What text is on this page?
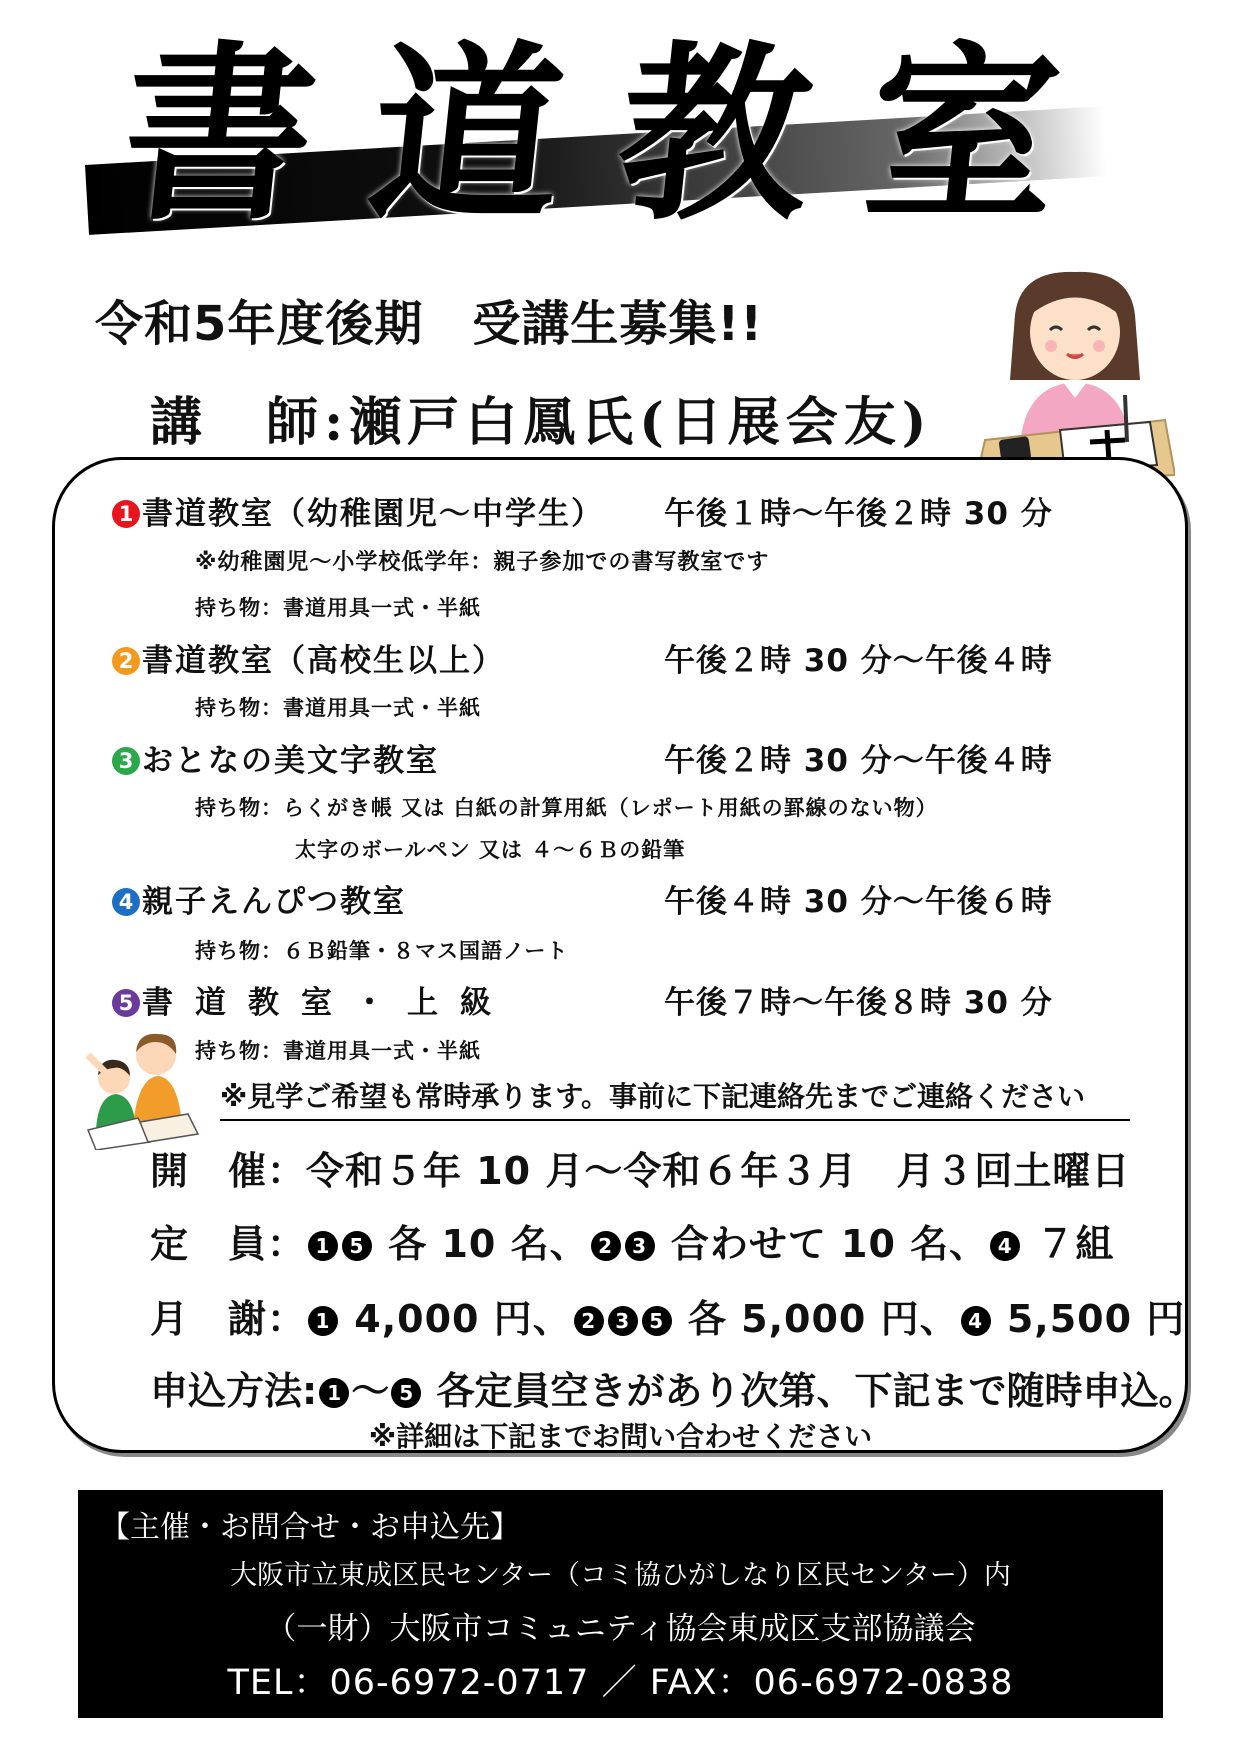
書道教室
令和5年度後期　受講生募集!!
講　師:瀬戸白鳳氏(日展会友)
1 書道教室（幼稚園児～中学生） 午後１時～午後２時 30 分
※幼稚園児～小学校低学年：親子参加での書写教室です
持ち物：書道用具一式・半紙
2 書道教室（高校生以上）	午後２時 30 分～午後４時
持ち物：書道用具一式・半紙
3 おとなの美文字教室	午後２時 30 分～午後４時
持ち物：らくがき帳 又は 白紙の計算用紙（レポート用紙の罫線のない物）
太字のボールペン 又は ４～６Ｂの鉛筆
4 親子えんぴつ教室	午後４時 30 分～午後６時
持ち物：６Ｂ鉛筆・８マス国語ノート
5 書道教室・上級	午後７時～午後８時 30 分
持ち物：書道用具一式・半紙
※見学ご希望も常時承ります。事前に下記連絡先までご連絡ください
開　催：令和５年 10 月～令和６年３月　月３回土曜日
定　員： 1 5 各 10 名、 2 3 合わせて 10 名、 4 ７組
月　謝： 1 4,000 円、 2 3 5 各 5,000 円、 4 5,500 円
申込方法: 1 ～ 5 各定員空きがあり次第、下記まで随時申込。
※詳細は下記までお問い合わせください
【主催・お問合せ・お申込先】
大阪市立東成区民センター（コミ協ひがしなり区民センター）内
（一財）大阪市コミュニティ協会東成区支部協議会
TEL：06-6972-0717 ／ FAX：06-6972-0838
